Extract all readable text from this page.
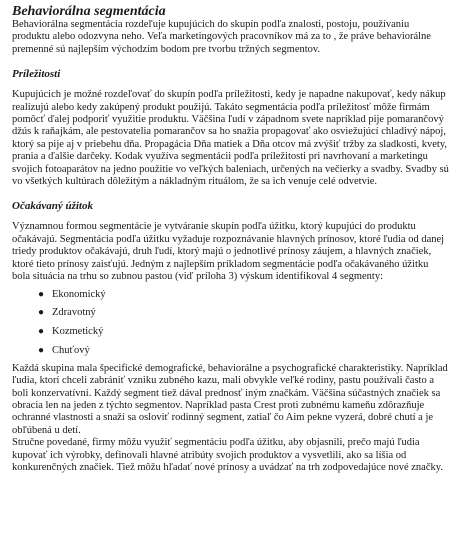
Behaviorálna segmentácia

Behaviorálna segmentácia rozdeľuje kupujúcich do skupín podľa znalosti, postoju, používaniu produktu alebo odozvyna neho. Veľa marketingových pracovníkov má za to , že práve behaviorálne premenné sú najlepším východzím bodom pre tvorbu tržných segmentov.

Príležitosti

Kupujúcich je možné rozdeľovať do skupín podľa príležitosti, kedy je napadne nakupovať, kedy nákup realizujú alebo kedy zakúpený produkt použijú. Takáto segmentácia podľa príležitosť môže firmám pomôcť ďalej podporiť využitie produktu. Väčšina ľudí v západnom svete napríklad pije pomarančový džús k raňajkám, ale pestovatelia pomarančov sa ho snažia propagovať ako osviežujúcí chladivý nápoj, ktorý sa pije aj v priebehu dňa. Propagácia Dňa matiek a Dňa otcov má zvýšiť tržby za sladkosti, kvety, prania a ďalšie darčeky. Kodak využíva segmentácii podľa príležitosti pri navrhovaní a marketingu svojich fotoaparátov na jedno použitie vo veľkých baleniach, určených na večierky a svadby. Svadby sú vo všetkých kultúrach dôležitým a nákladným rituálom, že sa ich venuje celé odvetvie.

Očakávaný úžitok

Významnou formou segmentácie je vytváranie skupín podľa úžitku, ktorý kupujúci do produktu očakávajú. Segmentácia podľa úžitku vyžaduje rozpoznávanie hlavných prínosov, ktoré ľudia od danej triedy produktov očakávajú, druh ľudí, ktorý majú o jednotlivé prínosy záujem, a hlavných značiek, ktoré tieto prínosy zaisťujú. Jedným z najlepším príkladom segmentácie podľa očakávaného úžitku bola situácia na trhu so zubnou pastou (viď príloha 3) výskum identifikoval 4 segmenty:

● Ekonomický
● Zdravotný
● Kozmetický
● Chuťový

Každá skupina mala špecifické demografické, behaviorálne a psychografické charakteristiky. Napríklad ľudia, ktorí chceli zabrániť vzniku zubného kazu, mali obvykle veľké rodiny, pastu používali často a boli konzervatívni. Každý segment tiež dával prednosť iným značkám. Väčšina súčastných značiek sa obracia len na jeden z týchto segmentov. Napríklad pasta Crest proti zubnému kameňu zdôrazňuje ochranné vlastnosti a snaží sa osloviť rodinný segment, zatiaľ čo Aim pekne vyzerá, dobré chutí a je obľúbená u detí.

Stručne povedané, firmy môžu využiť segmentáciu podľa úžitku, aby objasnili, prečo majú ľudia kupovať ich výrobky, definovali hlavné atribúty svojich produktov a vysvetlili, ako sa líšia od konkurenčných značiek. Tiež môžu hľadať nové prínosy a uvádzať na trh zodpovedajúce nové značky.
